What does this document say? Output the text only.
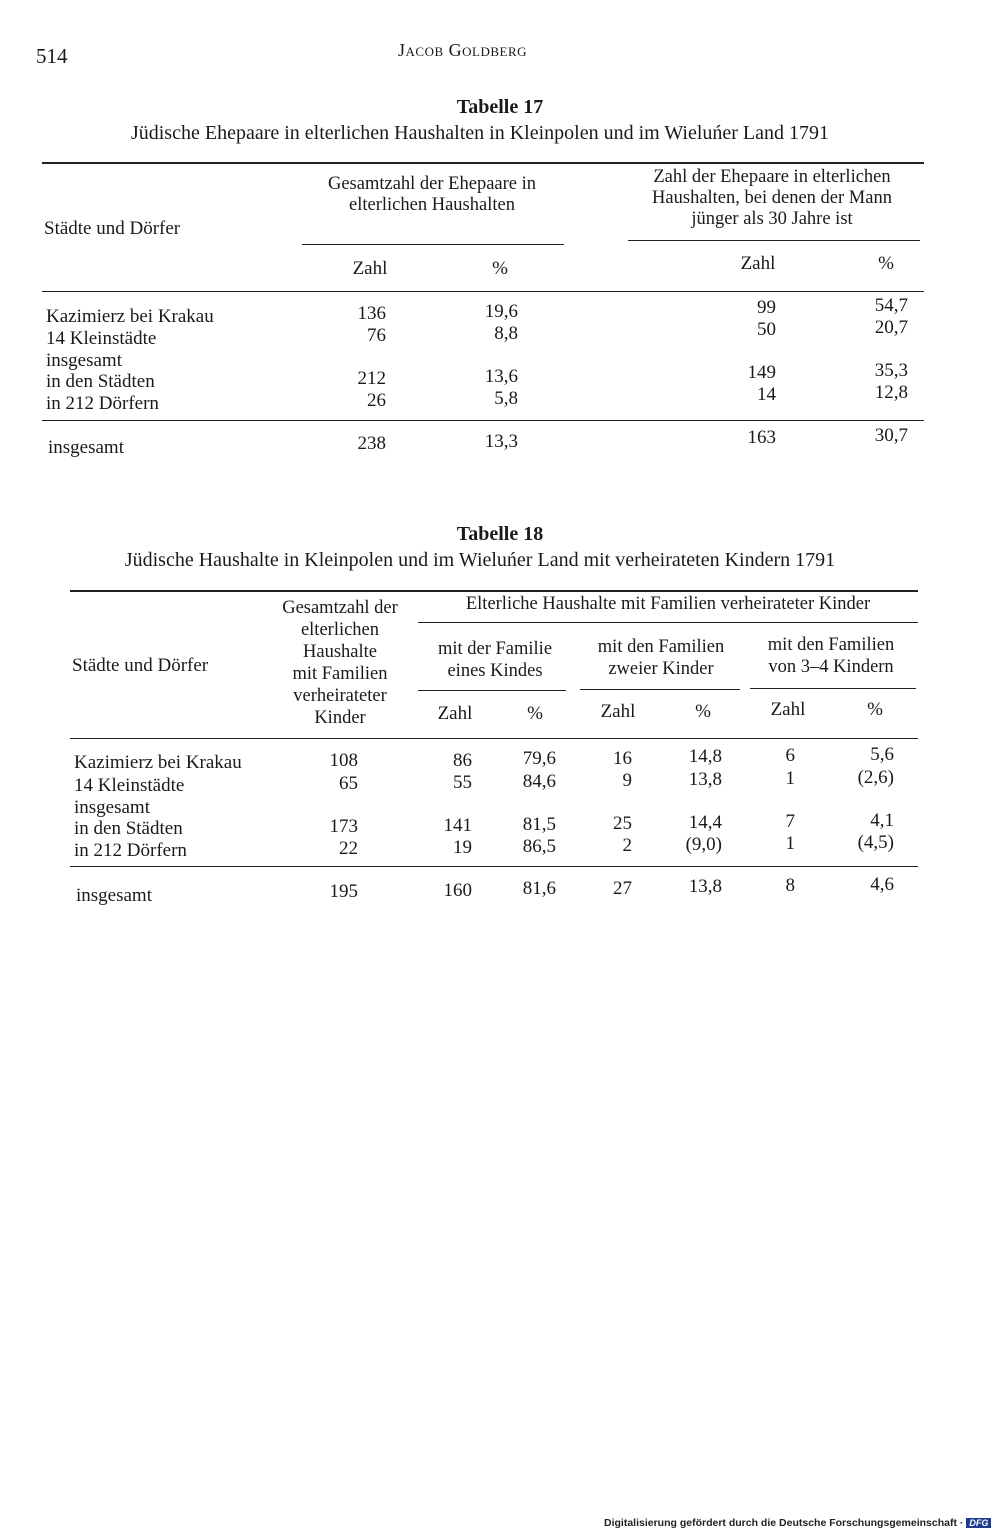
514	Jacob Goldberg
Tabelle 17
Jüdische Ehepaare in elterlichen Haushalten in Kleinpolen und im Wieluńer Land 1791
Städte und Dörfer
Gesamtzahl der Ehepaare in
elterlichen Haushalten
Zahl der Ehepaare in elterlichen
Haushalten, bei denen der Mann
jünger als 30 Jahre ist
Zahl	%	Zahl	%
Kazimierz bei Krakau	136	19,6	99	54,7
14 Kleinstädte	76	8,8	50	20,7
insgesamt
in den Städten	212	13,6	149	35,3
in 212 Dörfern	26	5,8	14	12,8
insgesamt	238	13,3	163	30,7
Tabelle 18
Jüdische Haushalte in Kleinpolen und im Wieluńer Land mit verheirateten Kindern 1791
Städte und Dörfer
Gesamtzahl der
elterlichen
Haushalte
mit Familien
verheirateter
Kinder
Elterliche Haushalte mit Familien verheirateter Kinder
mit der Familie
eines Kindes
mit den Familien
zweier Kinder
mit den Familien
von 3–4 Kindern
Zahl	%	Zahl	%	Zahl	%
Kazimierz bei Krakau	108	86	79,6	16	14,8	6	5,6
14 Kleinstädte	65	55	84,6	9	13,8	1	(2,6)
insgesamt
in den Städten	173	141	81,5	25	14,4	7	4,1
in 212 Dörfern	22	19	86,5	2	(9,0)	1	(4,5)
insgesamt	195	160	81,6	27	13,8	8	4,6
Digitalisierung gefördert durch die Deutsche Forschungsgemeinschaft · DFG
